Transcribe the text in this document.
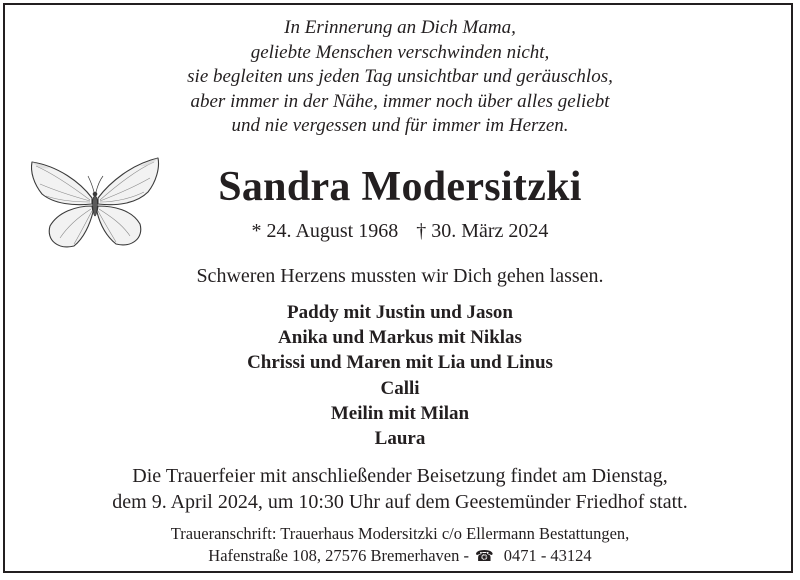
In Erinnerung an Dich Mama,
geliebte Menschen verschwinden nicht,
sie begleiten uns jeden Tag unsichtbar und geräuschlos,
aber immer in der Nähe, immer noch über alles geliebt
und nie vergessen und für immer im Herzen.
Sandra Modersitzki
* 24. August 1968 † 30. März 2024
Schweren Herzens mussten wir Dich gehen lassen.
Paddy mit Justin und Jason
Anika und Markus mit Niklas
Chrissi und Maren mit Lia und Linus
Calli
Meilin mit Milan
Laura
Die Trauerfeier mit anschließender Beisetzung findet am Dienstag,
dem 9. April 2024, um 10:30 Uhr auf dem Geestemünder Friedhof statt.
Traueranschrift: Trauerhaus Modersitzki c/o Ellermann Bestattungen,
Hafenstraße 108, 27576 Bremerhaven - ☎ 0471 - 43124
